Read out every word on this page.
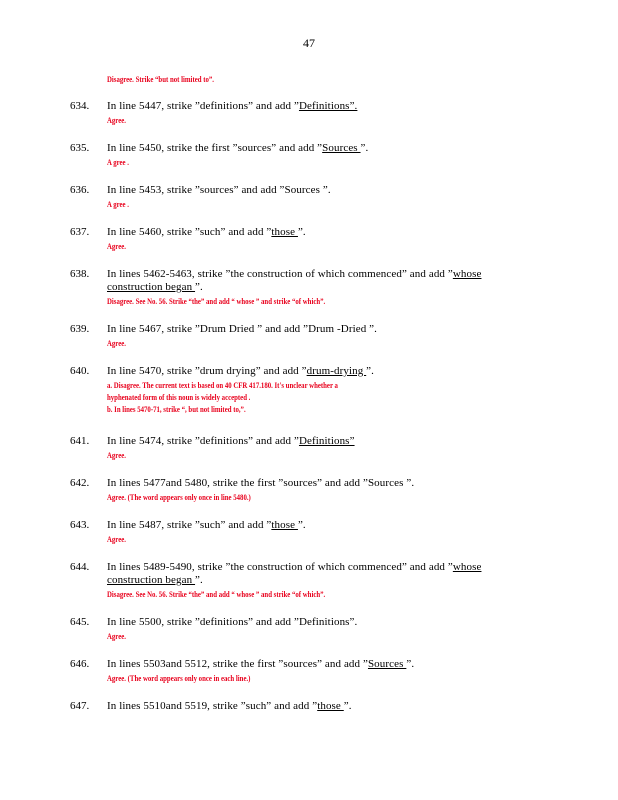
47
Disagree. Strike “but not limited to”.
634. In line 5447, strike ”definitions” and add ”Definitions”.
Agree.
635. In line 5450, strike the first ”sources” and add ”Sources ”.
A gree .
636. In line 5453, strike ”sources” and add ”Sources ”.
A gree .
637. In line 5460, strike ”such” and add ”those ”.
Agree.
638. In lines 5462-5463, strike ”the construction of which commenced” and add ”whose
construction began ”.
Disagree. See No. 56. Strike “the” and add “ whose ” and strike “of which”.
639. In line 5467, strike ”Drum Dried ” and add ”Drum -Dried ”.
Agree.
640. In line 5470, strike ”drum drying” and add ”drum-drying ”.
a. Disagree. The current text is based on 40 CFR 417.180. It's unclear whether a
hyphenated form of this noun is widely accepted .
b. In lines 5470-71, strike “, but not limited to,”.
641. In line 5474, strike ”definitions” and add ”Definitions”
Agree.
642. In lines 5477and 5480, strike the first ”sources” and add ”Sources ”.
Agree. (The word appears only once in line 5480.)
643. In line 5487, strike ”such” and add ”those ”.
Agree.
644. In lines 5489-5490, strike ”the construction of which commenced” and add ”whose
construction began ”.
Disagree. See No. 56. Strike “the” and add “ whose ” and strike “of which”.
645. In line 5500, strike ”definitions” and add ”Definitions”.
Agree.
646. In lines 5503and 5512, strike the first ”sources” and add ”Sources ”.
Agree. (The word appears only once in each line.)
647. In lines 5510and 5519, strike ”such” and add ”those ”.
